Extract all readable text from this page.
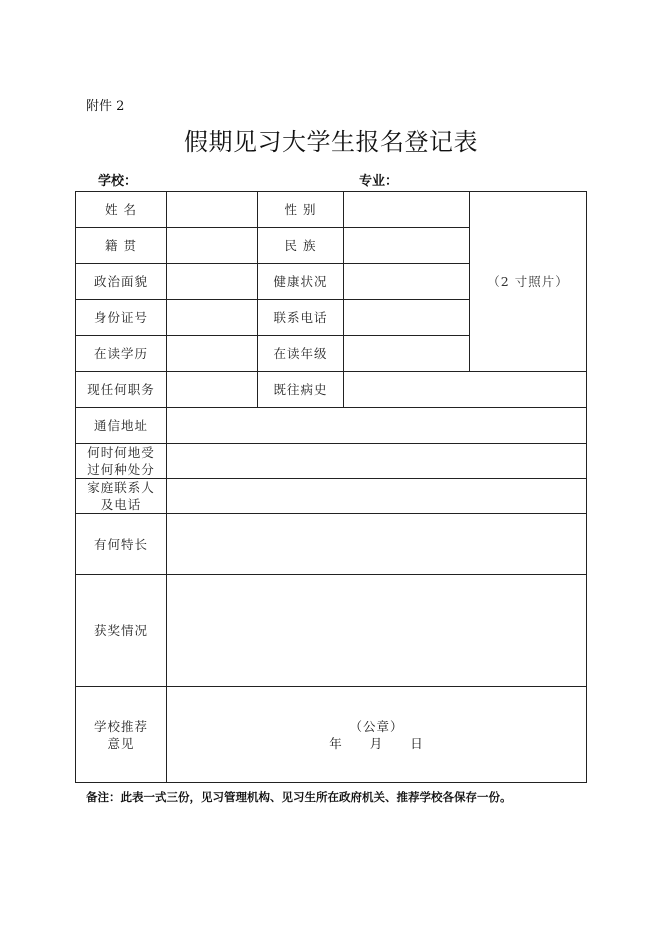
附件 2
假期见习大学生报名登记表
学校：	专业：
姓 名		性 别		（2 寸照片）
籍 贯		民 族		
政治面貌		健康状况		
身份证号		联系电话		
在读学历		在读年级		
现任何职务		既往病史		
通信地址				

何时何地受
过何种处分				

家庭联系人
及电话				

有何特长				
获奖情况				

学校推荐
意见	（公章）
年 月 日			
备注：此表一式三份，见习管理机构、见习生所在政府机关、推荐学校各保存一份。
